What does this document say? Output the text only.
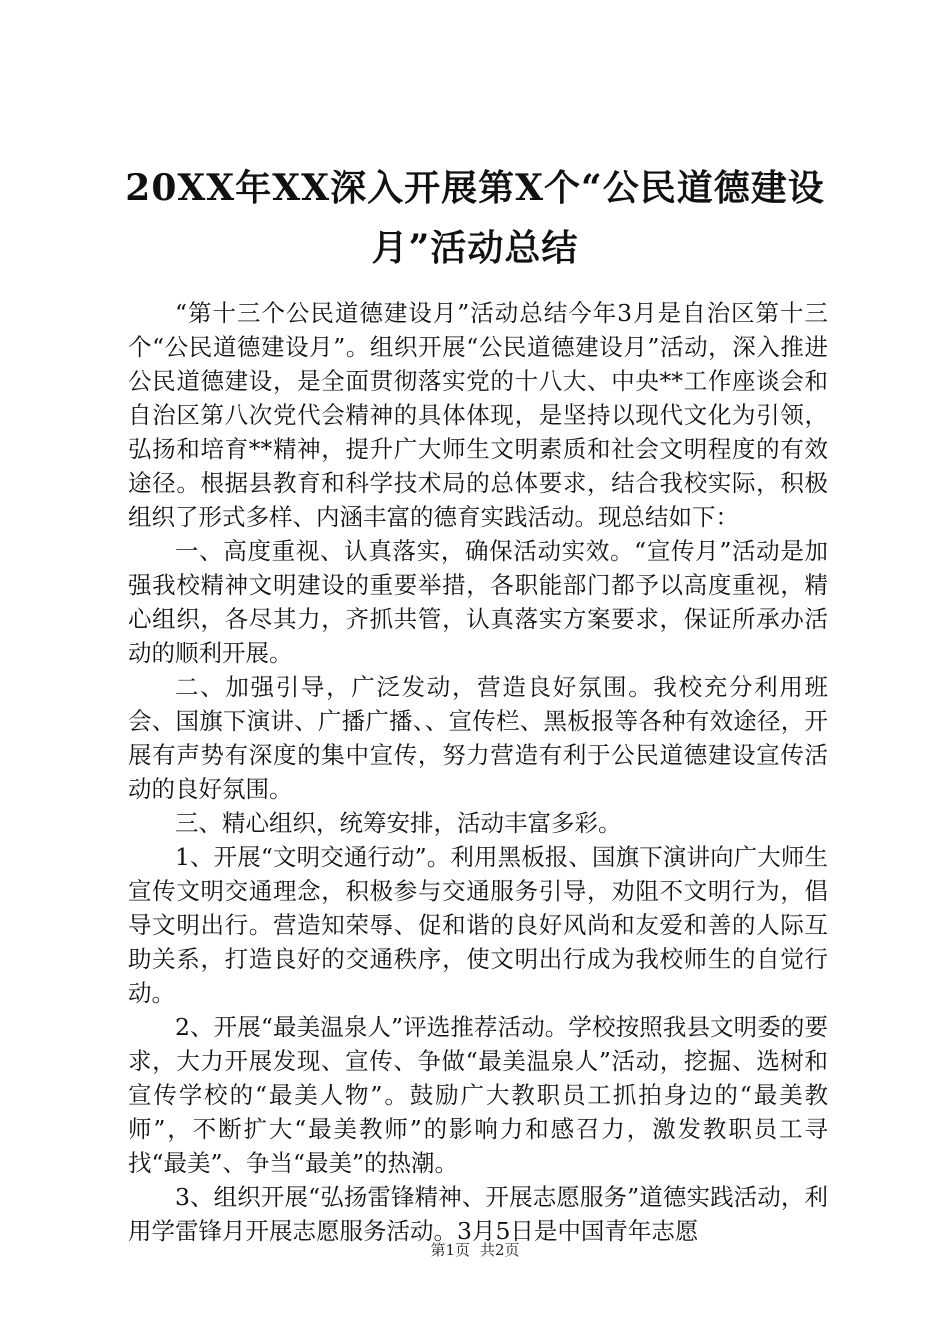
20XX年XX深入开展第X个“公民道德建设月”活动总结

“第十三个公民道德建设月”活动总结今年3月是自治区第十三个“公民道德建设月”。组织开展“公民道德建设月”活动，深入推进公民道德建设，是全面贯彻落实党的十八大、中央**工作座谈会和自治区第八次党代会精神的具体体现，是坚持以现代文化为引领，弘扬和培育**精神，提升广大师生文明素质和社会文明程度的有效途径。根据县教育和科学技术局的总体要求，结合我校实际，积极组织了形式多样、内涵丰富的德育实践活动。现总结如下：

一、高度重视、认真落实，确保活动实效。“宣传月”活动是加强我校精神文明建设的重要举措，各职能部门都予以高度重视，精心组织，各尽其力，齐抓共管，认真落实方案要求，保证所承办活动的顺利开展。

二、加强引导，广泛发动，营造良好氛围。我校充分利用班会、国旗下演讲、广播广播、、宣传栏、黑板报等各种有效途径，开展有声势有深度的集中宣传，努力营造有利于公民道德建设宣传活动的良好氛围。

三、精心组织，统筹安排，活动丰富多彩。

1、开展“文明交通行动”。利用黑板报、国旗下演讲向广大师生宣传文明交通理念，积极参与交通服务引导，劝阻不文明行为，倡导文明出行。营造知荣辱、促和谐的良好风尚和友爱和善的人际互助关系，打造良好的交通秩序，使文明出行成为我校师生的自觉行动。

2、开展“最美温泉人”评选推荐活动。学校按照我县文明委的要求，大力开展发现、宣传、争做“最美温泉人”活动，挖掘、选树和宣传学校的“最美人物”。鼓励广大教职员工抓拍身边的“最美教师”，不断扩大“最美教师”的影响力和感召力，激发教职员工寻找“最美”、争当“最美”的热潮。

3、组织开展“弘扬雷锋精神、开展志愿服务”道德实践活动，利用学雷锋月开展志愿服务活动。3月5日是中国青年志愿

第1页 共2页
